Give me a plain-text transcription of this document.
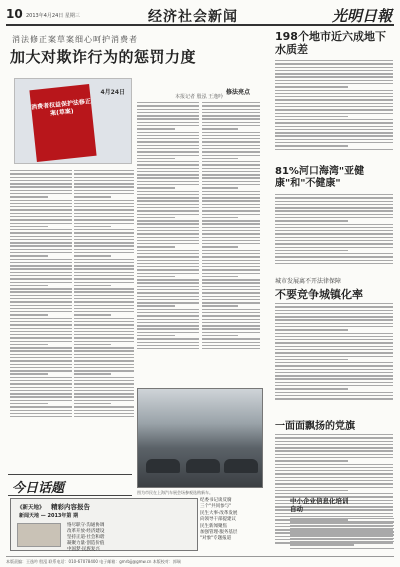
10 2013年4月24日 星期三	经济社会新闻	光明日報
消法修正案草案细心呵护消费者
加大对欺诈行为的惩罚力度
本报记者 殷泓 王逸吟
消费者权益保护法修正案(草案)
4月24日	修法亮点
图为市民在上海汽车展会场参观选购新车。
198个地市近六成地下水质差
81%河口海湾"亚健康"和"不健康"
城市发展离不开法律保障
不要竞争城镇化率
一面面飘扬的党旗
今日话题
《新天地》 精彩内容报告
新闻天地 — 2013年第 期
恪尽职守·沟通协调
改革开放·经济建设
坚持正道·社会和谐
凝聚力量·创造价值
中国梦·民族复兴
纪委书记谈反腐
三个"共同参与"
民生大事·改革发展
向领导干部提建议
民生新闻聚焦
加强管理·服务基层
"对象"专题报道
中小企业信息化培训自动
本版责编：王逸吟 殷泓 联系电话：010-67078400 电子邮箱：gmrbjj@gmw.cn 本版校对：郭瑞
